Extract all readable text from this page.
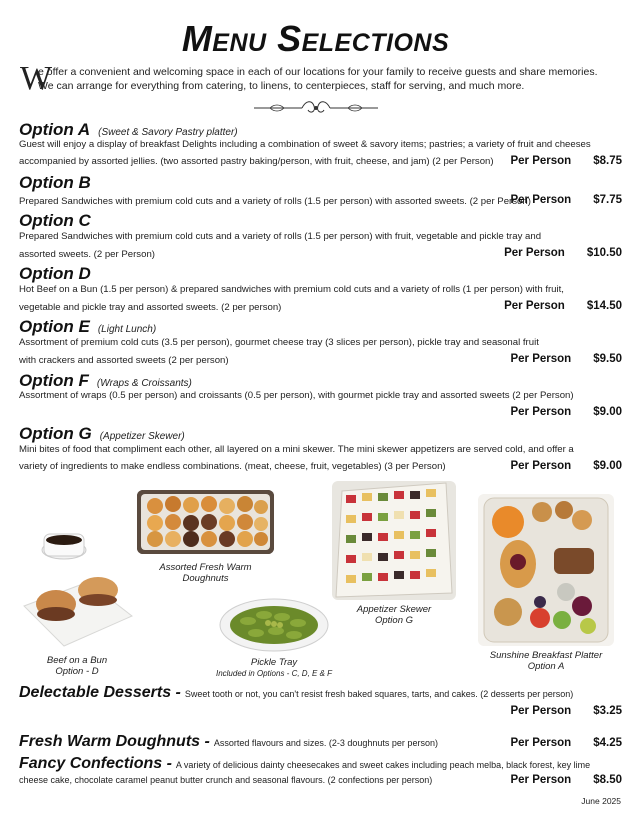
Menu Selections
W
e offer a convenient and welcoming space in each of our locations for your family to receive guests and share memories.
We can arrange for everything from catering, to linens, to centerpieces, staff for serving, and much more.
Option A (Sweet & Savory Pastry platter)
Guest will enjoy a display of breakfast Delights including a combination of sweet & savory items; pastries; a variety of fruit and cheeses
accompanied by assorted jellies. (two assorted pastry baking/person, with fruit, cheese, and jam) (2 per Person) Per Person $8.75
Option B
Prepared Sandwiches with premium cold cuts and a variety of rolls (1.5 per person) with assorted sweets. (2 per Person)
Per Person $7.75
Option C
Prepared Sandwiches with premium cold cuts and a variety of rolls (1.5 per person) with fruit, vegetable and pickle tray and
assorted sweets. (2 per Person)	Per Person $10.50
Option D
Hot Beef on a Bun (1.5 per person) & prepared sandwiches with premium cold cuts and a variety of rolls (1 per person) with fruit,
vegetable and pickle tray and assorted sweets. (2 per person)	Per Person $14.50
Option E (Light Lunch)
Assortment of premium cold cuts (3.5 per person), gourmet cheese tray (3 slices per person), pickle tray and seasonal fruit
with crackers and assorted sweets (2 per person)	Per Person $9.50
Option F (Wraps & Croissants)
Assortment of wraps (0.5 per person) and croissants (0.5 per person), with gourmet pickle tray and assorted sweets (2 per Person)
Per Person $9.00
Option G (Appetizer Skewer)
Mini bites of food that compliment each other, all layered on a mini skewer. The mini skewer appetizers are served cold, and offer a
variety of ingredients to make endless combinations. (meat, cheese, fruit, vegetables) (3 per Person)	Per Person $9.00
Assorted Fresh Warm
Doughnuts
Beef on a Bun
Option - D
Pickle Tray
Included in Options - C, D, E & F
Appetizer Skewer
Option G
Sunshine Breakfast Platter
Option A
Delectable Desserts - Sweet tooth or not, you can't resist fresh baked squares, tarts, and cakes. (2 desserts per person)
Per Person $3.25
Fresh Warm Doughnuts - Assorted flavours and sizes. (2-3 doughnuts per person)	Per Person $4.25
Fancy Confections - A variety of delicious dainty cheesecakes and sweet cakes including peach melba, black forest, key lime
cheese cake, chocolate caramel peanut butter crunch and seasonal flavours. (2 confections per person)	Per Person $8.50
June 2025
